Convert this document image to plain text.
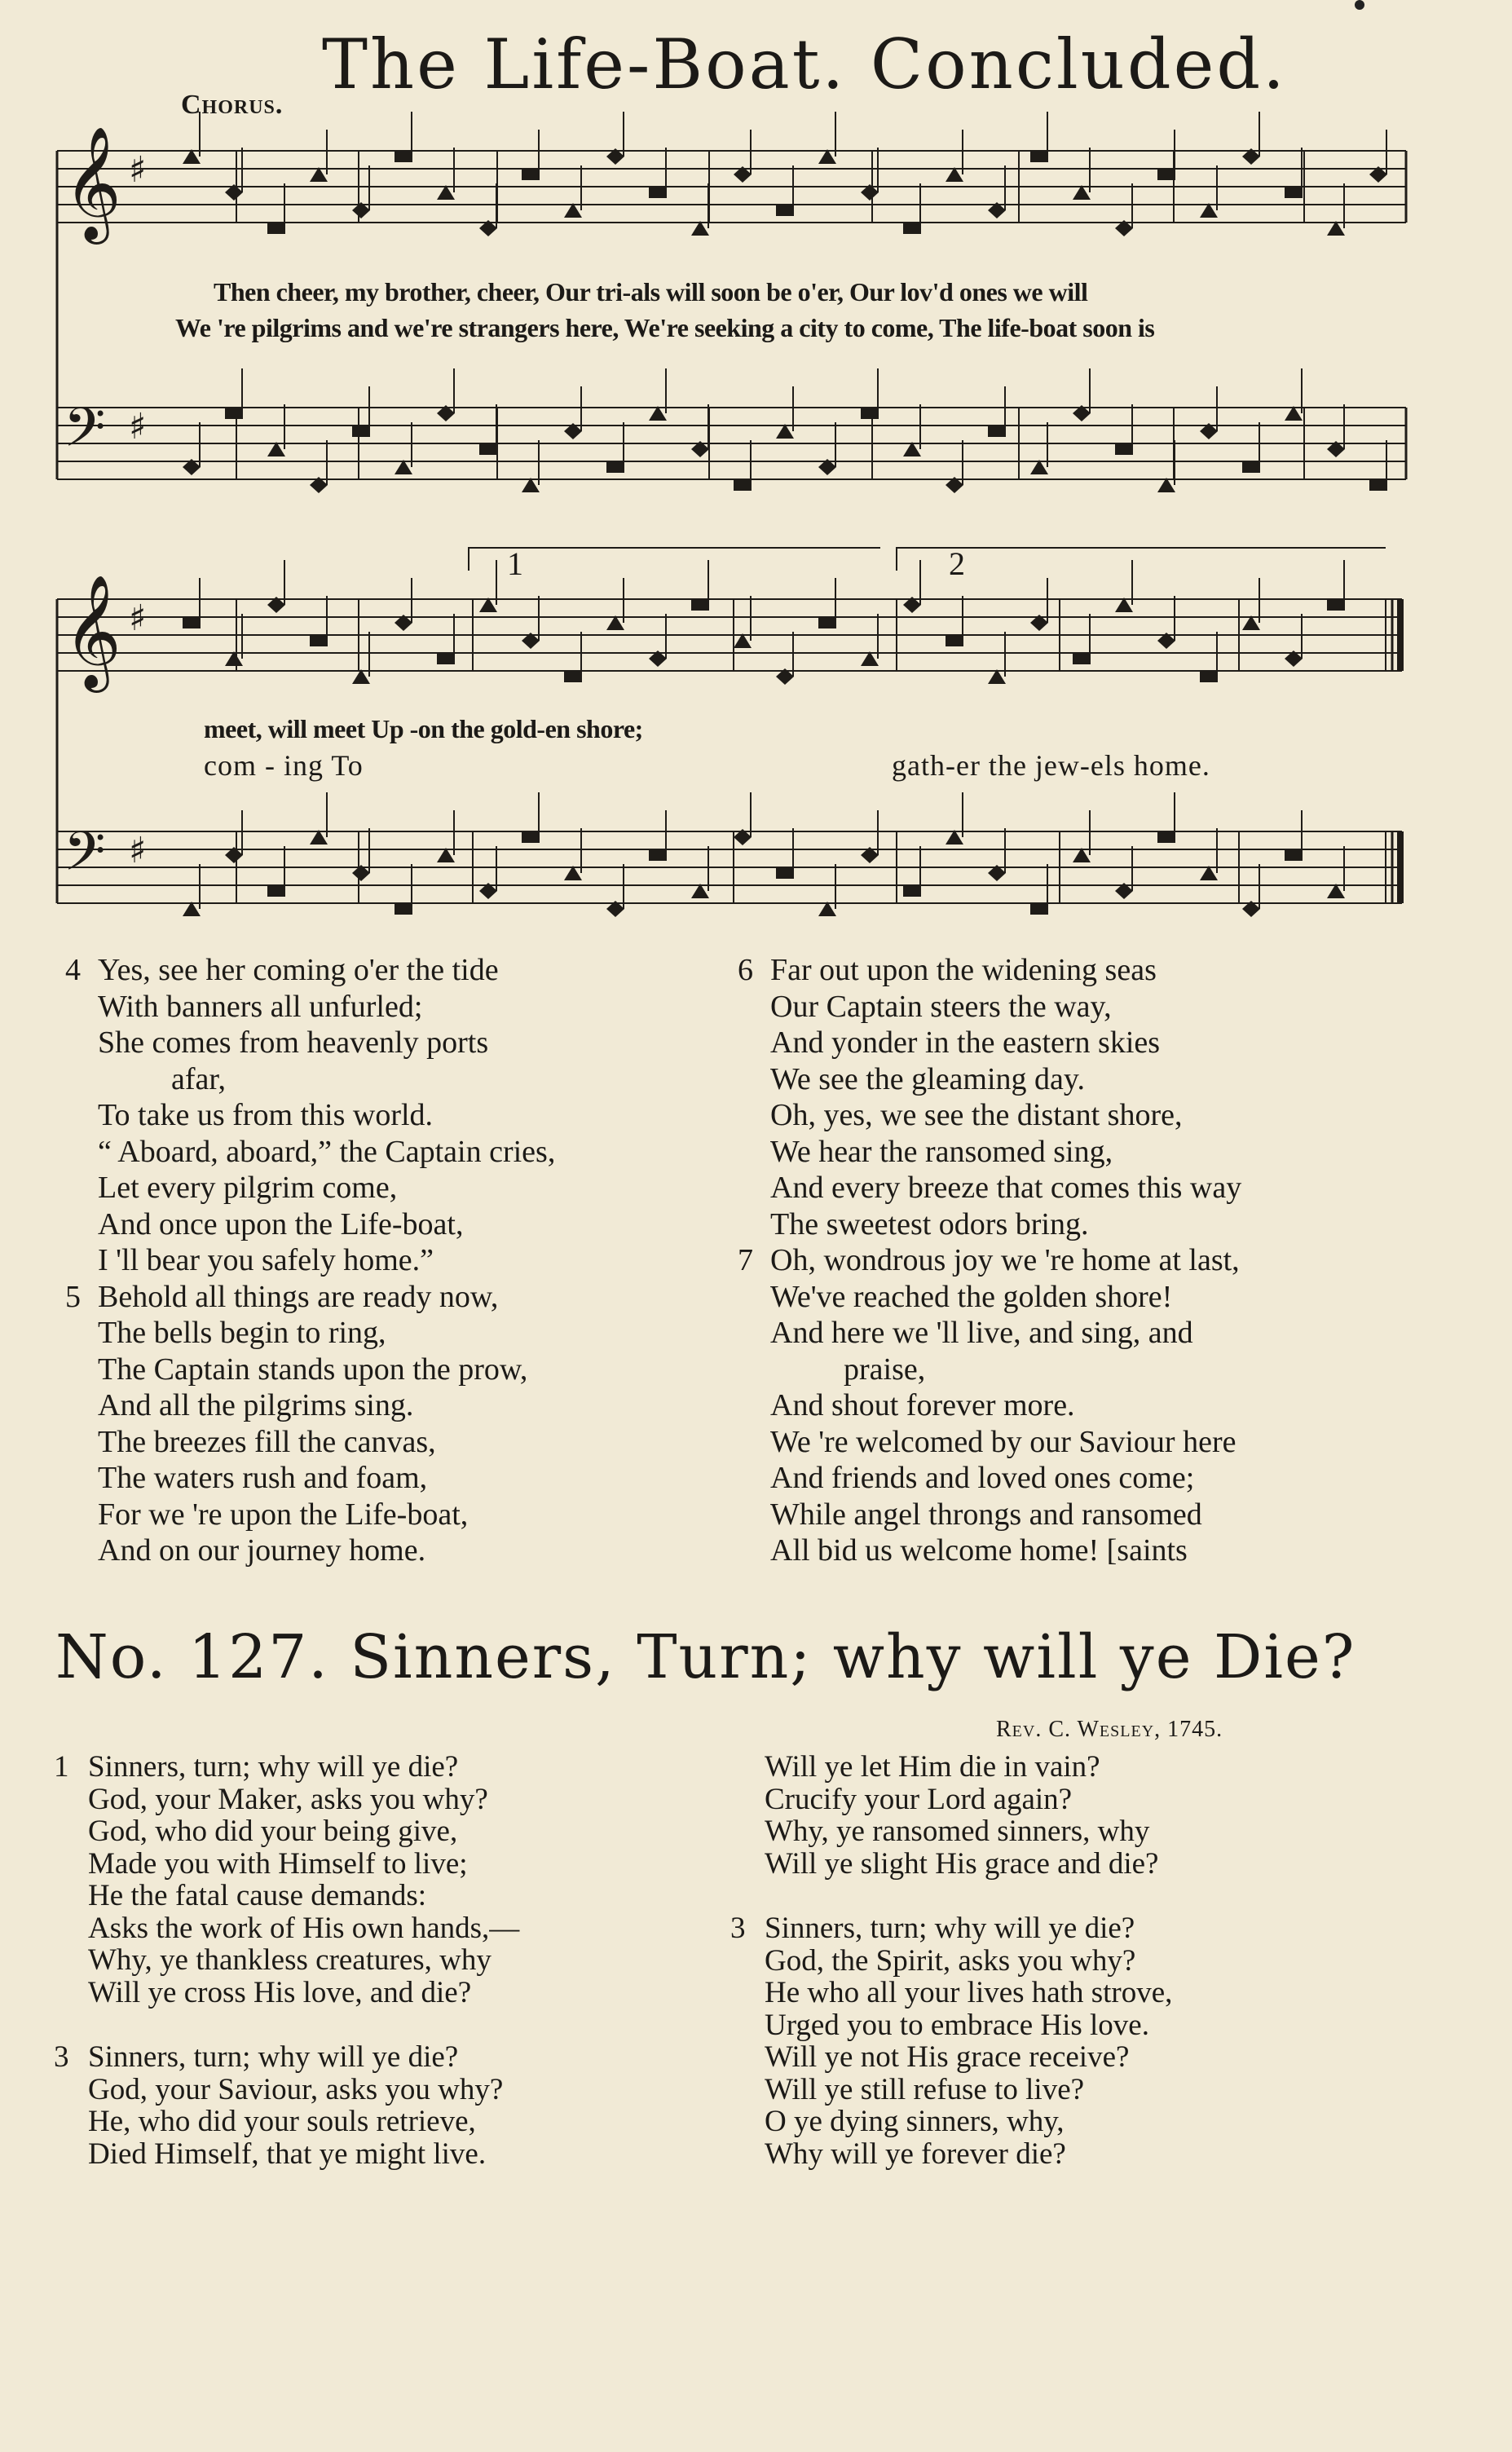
Chorus.
The Life-Boat. Concluded.
𝄞 ♯
𝄢 ♯
𝄞 ♯
𝄢 ♯
Then cheer, my brother, cheer, Our tri-als will soon be o'er, Our lov'd ones we will
We 're pilgrims and we're strangers here, We're seeking a city to come, The life-boat soon is
1	2
meet, will meet Up -on the gold-en shore;
com - ing To	gath-er the jew-els home.
4 Yes, see her coming o'er the tide
With banners all unfurled;
She comes from heavenly ports
afar,
To take us from this world.
“ Aboard, aboard,” the Captain cries,
Let every pilgrim come,
And once upon the Life-boat,
I 'll bear you safely home.”
5 Behold all things are ready now,
The bells begin to ring,
The Captain stands upon the prow,
And all the pilgrims sing.
The breezes fill the canvas,
The waters rush and foam,
For we 're upon the Life-boat,
And on our journey home.
6 Far out upon the widening seas
Our Captain steers the way,
And yonder in the eastern skies
We see the gleaming day.
Oh, yes, we see the distant shore,
We hear the ransomed sing,
And every breeze that comes this way
The sweetest odors bring.
7 Oh, wondrous joy we 're home at last,
We've reached the golden shore!
And here we 'll live, and sing, and
praise,
And shout forever more.
We 're welcomed by our Saviour here
And friends and loved ones come;
While angel throngs and ransomed
All bid us welcome home! [saints
No. 127. Sinners, Turn; why will ye Die?
Rev. C. Wesley, 1745.
1 Sinners, turn; why will ye die?
God, your Maker, asks you why?
God, who did your being give,
Made you with Himself to live;
He the fatal cause demands:
Asks the work of His own hands,—
Why, ye thankless creatures, why
Will ye cross His love, and die?
3 Sinners, turn; why will ye die?
God, your Saviour, asks you why?
He, who did your souls retrieve,
Died Himself, that ye might live.
Will ye let Him die in vain?
Crucify your Lord again?
Why, ye ransomed sinners, why
Will ye slight His grace and die?
3 Sinners, turn; why will ye die?
God, the Spirit, asks you why?
He who all your lives hath strove,
Urged you to embrace His love.
Will ye not His grace receive?
Will ye still refuse to live?
O ye dying sinners, why,
Why will ye forever die?
